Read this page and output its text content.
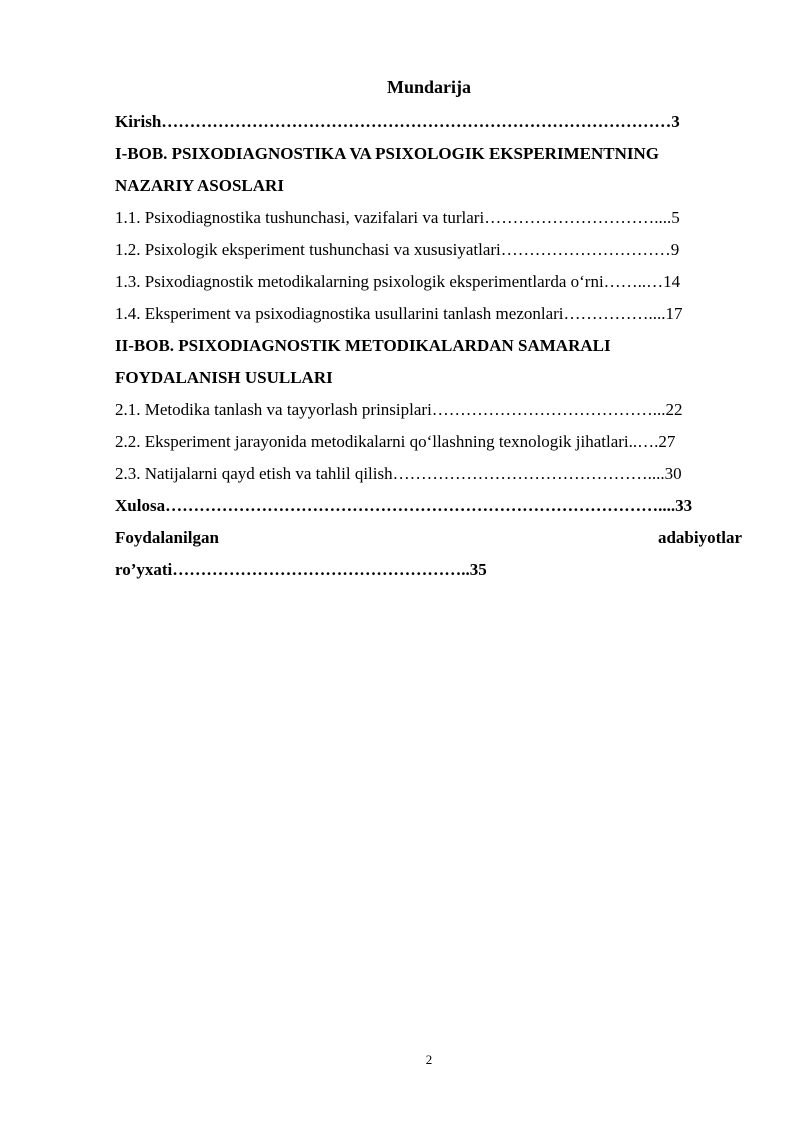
Mundarija
Kirish………………………………………………………………………………3
I-BOB. PSIXODIAGNOSTIKA VA PSIXOLOGIK EKSPERIMENTNING
NAZARIY ASOSLARI
1.1. Psixodiagnostika tushunchasi, vazifalari va turlari…………………………....5
1.2. Psixologik eksperiment tushunchasi va xususiyatlari…………………………9
1.3. Psixodiagnostik metodikalarning psixologik eksperimentlarda o‘rni……..…14
1.4. Eksperiment va psixodiagnostika usullarini tanlash mezonlari……………....17
II-BOB. PSIXODIAGNOSTIK METODIKALARDAN SAMARALI
FOYDALANISH USULLARI
2.1. Metodika tanlash va tayyorlash prinsiplari…………………………………...22
2.2. Eksperiment jarayonida metodikalarni qo‘llashning texnologik jihatlari..….27
2.3. Natijalarni qayd etish va tahlil qilish………………………………………....30
Xulosa……………………………………………………………………………....33
Foydalanilgan	adabiyotlar
ro’yxati……………………………………………..35
2
